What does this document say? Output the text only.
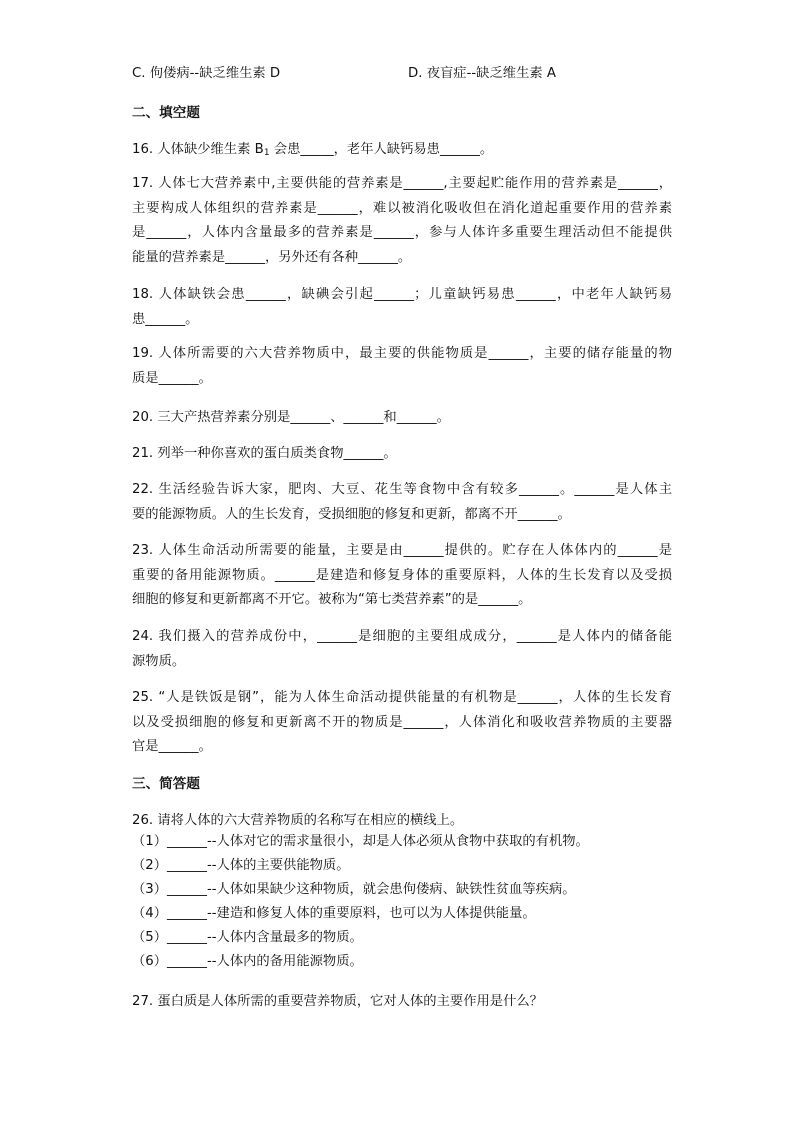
C. 佝偻病--缺乏维生素 D	D. 夜盲症--缺乏维生素 A
二、填空题
16. 人体缺少维生素 $B_1$ 会患_____，老年人缺钙易患______。
17. 人体七大营养素中,主要供能的营养素是______,主要起贮能作用的营养素是______，
主要构成人体组织的营养素是______，难以被消化吸收但在消化道起重要作用的营养素
是______，人体内含量最多的营养素是______，参与人体许多重要生理活动但不能提供
能量的营养素是______，另外还有各种______。
18. 人体缺铁会患______，缺碘会引起______；儿童缺钙易患______，中老年人缺钙易
患______。
19. 人体所需要的六大营养物质中，最主要的供能物质是______，主要的储存能量的物
质是______。
20. 三大产热营养素分别是______、______和______。
21. 列举一种你喜欢的蛋白质类食物______。
22. 生活经验告诉大家，肥肉、大豆、花生等食物中含有较多______。______是人体主
要的能源物质。人的生长发育，受损细胞的修复和更新，都离不开______。
23. 人体生命活动所需要的能量，主要是由______提供的。贮存在人体体内的______是
重要的备用能源物质。______是建造和修复身体的重要原料，人体的生长发育以及受损
细胞的修复和更新都离不开它。被称为“第七类营养素”的是______。
24. 我们摄入的营养成份中，______是细胞的主要组成成分，______是人体内的储备能
源物质。
25. “人是铁饭是钢”，能为人体生命活动提供能量的有机物是______，人体的生长发育
以及受损细胞的修复和更新离不开的物质是______，人体消化和吸收营养物质的主要器
官是______。
三、简答题
26. 请将人体的六大营养物质的名称写在相应的横线上。
（1）______--人体对它的需求量很小，却是人体必须从食物中获取的有机物。
（2）______--人体的主要供能物质。
（3）______--人体如果缺少这种物质，就会患佝偻病、缺铁性贫血等疾病。
（4）______--建造和修复人体的重要原料，也可以为人体提供能量。
（5）______--人体内含量最多的物质。
（6）______--人体内的备用能源物质。
27. 蛋白质是人体所需的重要营养物质，它对人体的主要作用是什么？
